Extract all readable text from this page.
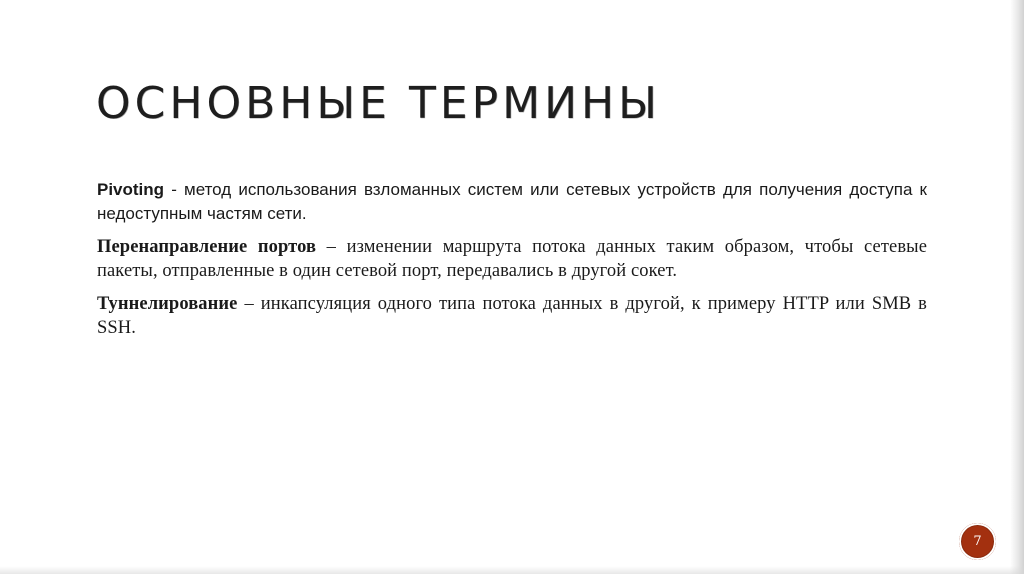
ОСНОВНЫЕ ТЕРМИНЫ

Pivoting - метод использования взломанных систем или сетевых устройств для получения доступа к недоступным частям сети.

Перенаправление портов – изменении маршрута потока данных таким образом, чтобы сетевые пакеты, отправленные в один сетевой порт, передавались в другой сокет.

Туннелирование – инкапсуляция одного типа потока данных в другой, к примеру HTTP или SMB в SSH.

7
